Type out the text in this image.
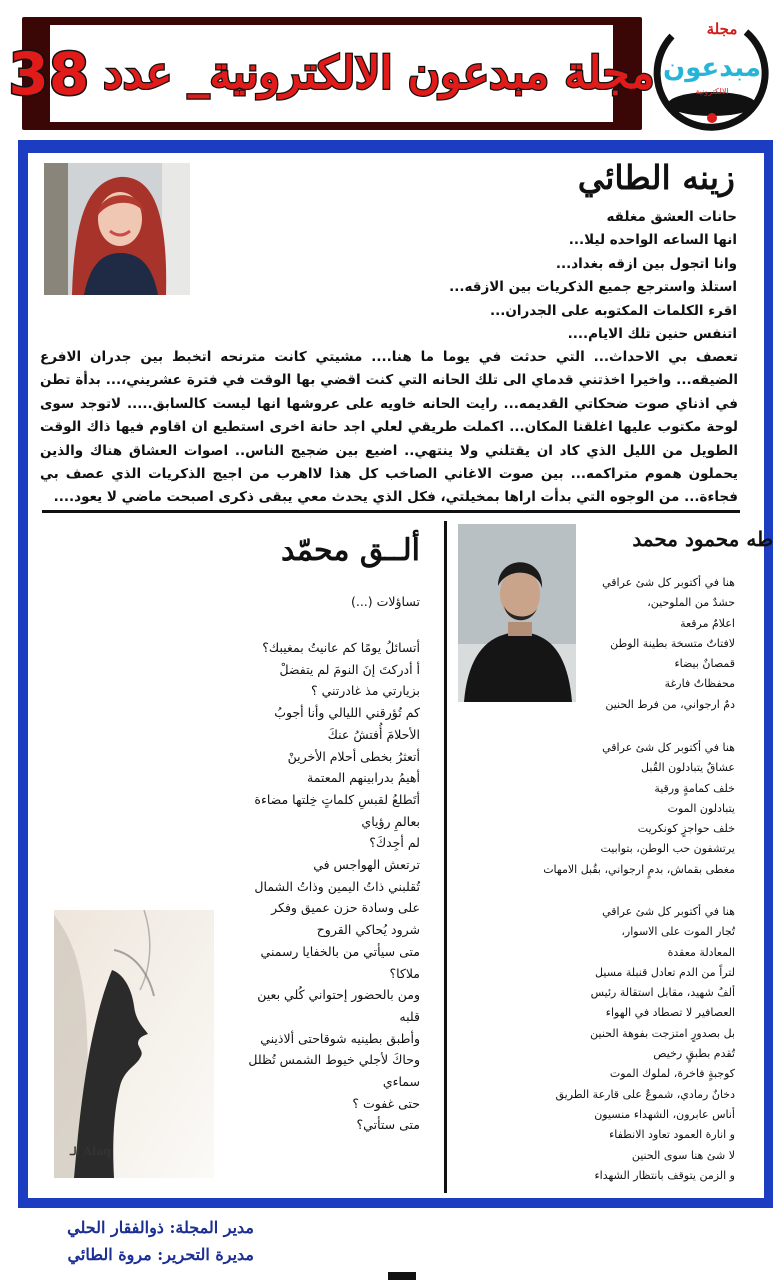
مجلة مبدعون الالكترونية_ عدد
38
مجلة
مبدعون
الالكترونية
زينه الطائي
حانات العشق مغلقه
انها الساعه الواحده ليلا...
وانا اتجول بين ازقه بغداد...
استلذ واسترجع جميع الذكريات بين الازقه...
اقرء الكلمات المكتوبه على الجدران...
اتنفس حنين تلك الايام....

تعصف بي الاحداث... التي حدثت في يوما ما هنا.... مشيتي كانت مترنحه اتخبط بين جدران الافرع الضيقه... واخيرا اخذتني قدماي الى تلك الحانه التي كنت اقضي بها الوقت في فترة عشريني،... بدأة تطن في اذناي صوت ضحكاتي القديمه... رايت الحانه خاويه على عروشها انها ليست كالسابق..... لاتوجد سوى لوحة مكتوب عليها اغلقنا المكان... اكملت طريقي لعلي اجد حانة اخرى استطيع ان اقاوم فيها ذاك الوقت الطويل من الليل الذي كاد ان يقتلني ولا ينتهي.. اضيع بين ضجيج الناس.. اصوات العشاق هناك والذين يحملون هموم متراكمه... بين صوت الاغاني الصاخب كل هذا لااهرب من اجيج الذكريات الذي عصف بي فجاءة... من الوجوه التي بدأت اراها بمخيلتي، فكل الذي يحدث معي يبقى ذكرى اصبحت ماضي لا يعود....

طه محمود محمد
هنا في أكتوبر كل شئ عراقي
حشدٌ من الملوحين،
اعلامٌ مرقعة
لافتاتٌ متسخة بطينة الوطن
قمصانٌ بيضاء
محفظاتٌ فارغة
دمٌ ارجواني، من فرط الحنين
هنا في أكتوبر كل شئ عراقي
عشاقٌ يتبادلون القُبل
خلف كمامةٍ ورقية
يتبادلون الموت
خلف حواجزٍ كونكريت
يرتشفون حب الوطن، بتوابيت
مغطى بقماش، بدمٍ ارجواني، بقُبل الامهات
هنا في أكتوبر كل شئ عراقي
تُجار الموت على الاسوار،
المعادلة معقدة
لتراً من الدم تعادل قنبلة مسيل
ألفُ شهيد، مقابل استقالة رئيس
العصافير لا تصطاد في الهواء
بل بصدورٍ امتزجت بفوهة الحنين
تُقدم بطبقٍ رخيص
كوجبةٍ فاخرة، لملوك الموت
دخانٌ رمادي، شموعٌ على قارعة الطريق
أناس عابرون، الشهداء منسيون
و انارة العمود تعاود الانطفاء
لا شئ هنا سوى الحنين
و الزمن يتوقف بانتظار الشهداء
ألــق محمّد
تساؤلات (...)
أتسائلُ يومًا كم عانيتُ بمغيبك؟
أ أدركتَ إنَ النومَ لم يتفضلْ
بزيارتي مذ غادرتني ؟
كم تُؤرقني الليالي وأنا أجوبُ
الأحلامَ أُفتشُ عنكَ
أتعثرُ بخطى أحلام الأخرينْ
أهيمُ بدرابينهم المعتمة
أتَطلعُ لقبسِ كلماتٍ خِلتها مضاءة
بعالمِ رؤياي
لم أجِدكَ؟
ترتعش الهواجس في
تُقلبني ذاتُ اليمين وذاتُ الشمال
على وسادة حزن عميق وفكر
شرود يُحاكي القروح
متى سيأتي من بالخفايا رسمني
ملاكا؟
ومن بالحضور إحتواني كُلي بعين
قلبه
وأطبق بطينيه شوقاحتى ألاذيني
وحاكَ لأجلي خيوط الشمس تُظلل
سماءي
حتى غفوت ؟
متى ستأتي؟
ألـ Alaq
مدير المجلة: ذوالفقار الحلي
مديرة التحرير: مروة الطائي
